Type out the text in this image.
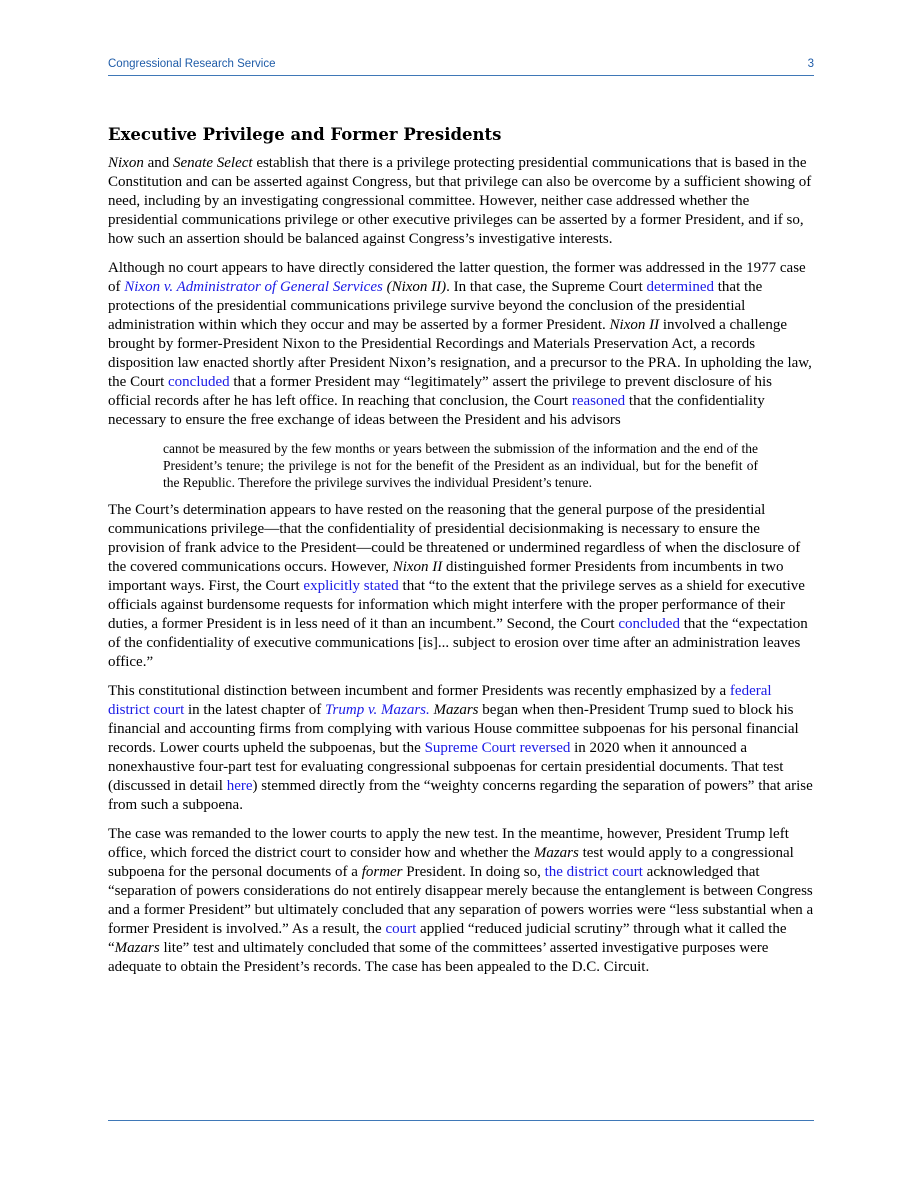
Congressional Research Service	3
Executive Privilege and Former Presidents

Nixon and Senate Select establish that there is a privilege protecting presidential communications that is based in the Constitution and can be asserted against Congress, but that privilege can also be overcome by a sufficient showing of need, including by an investigating congressional committee. However, neither case addressed whether the presidential communications privilege or other executive privileges can be asserted by a former President, and if so, how such an assertion should be balanced against Congress’s investigative interests.

Although no court appears to have directly considered the latter question, the former was addressed in the 1977 case of Nixon v. Administrator of General Services (Nixon II). In that case, the Supreme Court determined that the protections of the presidential communications privilege survive beyond the conclusion of the presidential administration within which they occur and may be asserted by a former President. Nixon II involved a challenge brought by former-President Nixon to the Presidential Recordings and Materials Preservation Act, a records disposition law enacted shortly after President Nixon’s resignation, and a precursor to the PRA. In upholding the law, the Court concluded that a former President may “legitimately” assert the privilege to prevent disclosure of his official records after he has left office. In reaching that conclusion, the Court reasoned that the confidentiality necessary to ensure the free exchange of ideas between the President and his advisors

cannot be measured by the few months or years between the submission of the information and the end of the President’s tenure; the privilege is not for the benefit of the President as an individual, but for the benefit of the Republic. Therefore the privilege survives the individual President’s tenure.

The Court’s determination appears to have rested on the reasoning that the general purpose of the presidential communications privilege—that the confidentiality of presidential decisionmaking is necessary to ensure the provision of frank advice to the President—could be threatened or undermined regardless of when the disclosure of the covered communications occurs. However, Nixon II distinguished former Presidents from incumbents in two important ways. First, the Court explicitly stated that “to the extent that the privilege serves as a shield for executive officials against burdensome requests for information which might interfere with the proper performance of their duties, a former President is in less need of it than an incumbent.” Second, the Court concluded that the “expectation of the confidentiality of executive communications [is]... subject to erosion over time after an administration leaves office.”

This constitutional distinction between incumbent and former Presidents was recently emphasized by a federal district court in the latest chapter of Trump v. Mazars. Mazars began when then-President Trump sued to block his financial and accounting firms from complying with various House committee subpoenas for his personal financial records. Lower courts upheld the subpoenas, but the Supreme Court reversed in 2020 when it announced a nonexhaustive four-part test for evaluating congressional subpoenas for certain presidential documents. That test (discussed in detail here) stemmed directly from the “weighty concerns regarding the separation of powers” that arise from such a subpoena.

The case was remanded to the lower courts to apply the new test. In the meantime, however, President Trump left office, which forced the district court to consider how and whether the Mazars test would apply to a congressional subpoena for the personal documents of a former President. In doing so, the district court acknowledged that “separation of powers considerations do not entirely disappear merely because the entanglement is between Congress and a former President” but ultimately concluded that any separation of powers worries were “less substantial when a former President is involved.” As a result, the court applied “reduced judicial scrutiny” through what it called the “Mazars lite” test and ultimately concluded that some of the committees’ asserted investigative purposes were adequate to obtain the President’s records. The case has been appealed to the D.C. Circuit.
